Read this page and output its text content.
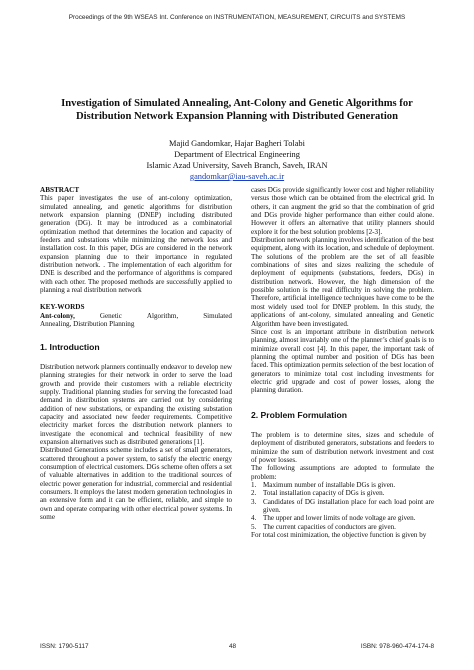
Proceedings of the 9th WSEAS Int. Conference on INSTRUMENTATION, MEASUREMENT, CIRCUITS and SYSTEMS
Investigation of Simulated Annealing, Ant-Colony and Genetic Algorithms for Distribution Network Expansion Planning with Distributed Generation
Majid Gandomkar, Hajar Bagheri Tolabi
Department of Electrical Engineering
Islamic Azad University, Saveh Branch, Saveh, IRAN
gandomkar@iau-saveh.ac.ir

ABSTRACT

This paper investigates the use of ant-colony optimization, simulated annealing, and genetic algorithms for distribution network expansion planning (DNEP) including distributed generation (DG). It may be introduced as a combinatorial optimization method that determines the location and capacity of feeders and substations while minimizing the network loss and installation cost. In this paper, DGs are considered in the network expansion planning due to their importance in regulated distribution network. . The implementation of each algorithm for DNE is described and the performance of algorithms is compared with each other. The proposed methods are successfully applied to planning a real distribution network

KEY-WORDS

Ant-colony,	Genetic	Algorithm,	Simulated

Annealing, Distribution Planning

1. Introduction

Distribution network planners continually endeavor to develop new planning strategies for their network in order to serve the load growth and provide their customers with a reliable electricity supply. Traditional planning studies for serving the forecasted load demand in distribution systems are carried out by considering addition of new substations, or expanding the existing substation capacity and associated new feeder requirements. Competitive electricity market forces the distribution network planners to investigate the economical and technical feasibility of new expansion alternatives such as distributed generations [1].

Distributed Generations scheme includes a set of small generators, scattered throughout a power system, to satisfy the electric energy consumption of electrical customers. DGs scheme often offers a set of valuable alternatives in addition to the traditional sources of electric power generation for industrial, commercial and residential consumers. It employs the latest modern generation technologies in an extensive form and it can be efficient, reliable, and simple to own and operate comparing with other electrical power systems. In some

cases DGs provide significantly lower cost and higher reliability versus those which can be obtained from the electrical grid. In others, it can augment the grid so that the combination of grid and DGs provide higher performance than either could alone. However it offers an alternative that utility planners should explore it for the best solution problems [2-3].

Distribution network planning involves identification of the best equipment, along with its location, and schedule of deployment. The solutions of the problem are the set of all feasible combinations of sites and sizes realizing the schedule of deployment of equipments (substations, feeders, DGs) in distribution network. However, the high dimension of the possible solution is the real difficulty in solving the problem. Therefore, artificial intelligence techniques have come to be the most widely used tool for DNEP problem. In this study, the applications of ant-colony, simulated annealing and Genetic Algorithm have been investigated.

Since cost is an important attribute in distribution network planning, almost invariably one of the planner’s chief goals is to minimize overall cost [4]. In this paper, the important task of planning the optimal number and position of DGs has been faced. This optimization permits selection of the best location of generators to minimize total cost including investments for electric grid upgrade and cost of power losses, along the planning duration.

2. Problem Formulation

The problem is to determine sites, sizes and schedule of deployment of distributed generators, substations and feeders to minimize the sum of distribution network investment and cost of power losses.

The following assumptions are adopted to formulate the problem:

1. Maximum number of installable DGs is given.
2. Total installation capacity of DGs is given.
3. Candidates of DG installation place for each load point are given.
4. The upper and lower limits of node voltage are given.
5. The current capacities of conductors are given.

For total cost minimization, the objective function is given by

ISSN: 1790-5117	48	ISBN: 978-960-474-174-8
